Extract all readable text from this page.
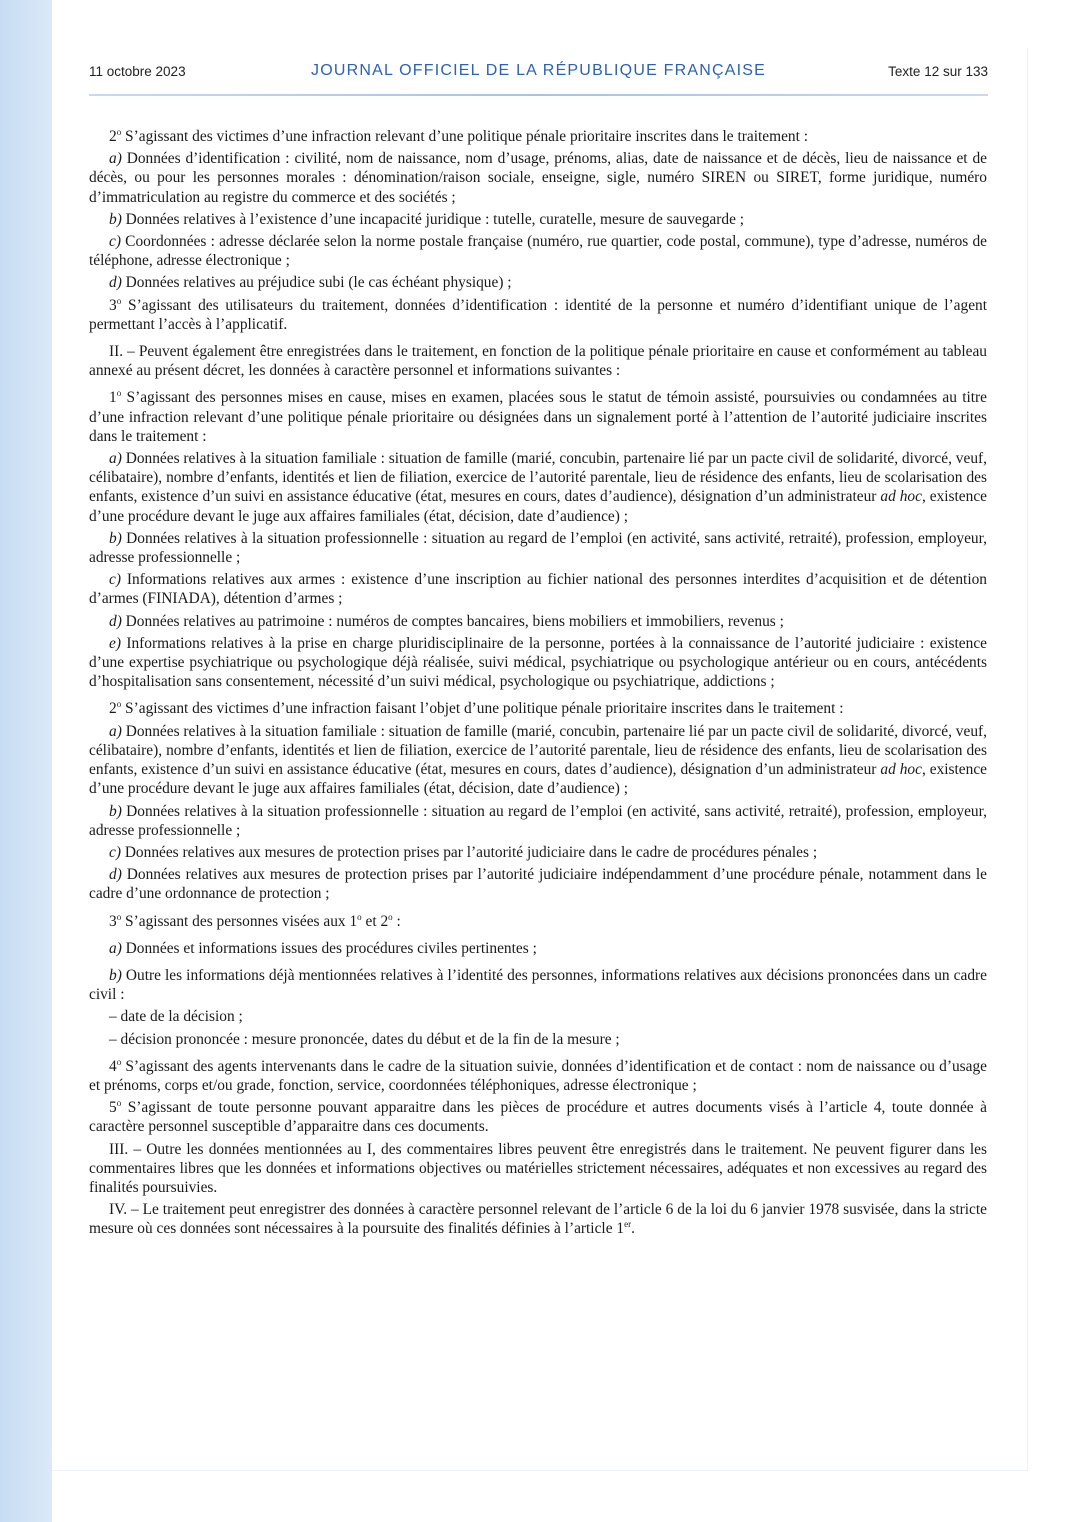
11 octobre 2023	JOURNAL OFFICIEL DE LA RÉPUBLIQUE FRANÇAISE	Texte 12 sur 133

2$^o$ S’agissant des victimes d’une infraction relevant d’une politique pénale prioritaire inscrites dans le traitement :

a) Données d’identification : civilité, nom de naissance, nom d’usage, prénoms, alias, date de naissance et de décès, lieu de naissance et de décès, ou pour les personnes morales : dénomination/raison sociale, enseigne, sigle, numéro SIREN ou SIRET, forme juridique, numéro d’immatriculation au registre du commerce et des sociétés ;

b) Données relatives à l’existence d’une incapacité juridique : tutelle, curatelle, mesure de sauvegarde ;

c) Coordonnées : adresse déclarée selon la norme postale française (numéro, rue quartier, code postal, commune), type d’adresse, numéros de téléphone, adresse électronique ;

d) Données relatives au préjudice subi (le cas échéant physique) ;

3$^o$ S’agissant des utilisateurs du traitement, données d’identification : identité de la personne et numéro d’identifiant unique de l’agent permettant l’accès à l’applicatif.

II. – Peuvent également être enregistrées dans le traitement, en fonction de la politique pénale prioritaire en cause et conformément au tableau annexé au présent décret, les données à caractère personnel et informations suivantes :

1$^o$ S’agissant des personnes mises en cause, mises en examen, placées sous le statut de témoin assisté, poursuivies ou condamnées au titre d’une infraction relevant d’une politique pénale prioritaire ou désignées dans un signalement porté à l’attention de l’autorité judiciaire inscrites dans le traitement :

a) Données relatives à la situation familiale : situation de famille (marié, concubin, partenaire lié par un pacte civil de solidarité, divorcé, veuf, célibataire), nombre d’enfants, identités et lien de filiation, exercice de l’autorité parentale, lieu de résidence des enfants, lieu de scolarisation des enfants, existence d’un suivi en assistance éducative (état, mesures en cours, dates d’audience), désignation d’un administrateur ad hoc, existence d’une procédure devant le juge aux affaires familiales (état, décision, date d’audience) ;

b) Données relatives à la situation professionnelle : situation au regard de l’emploi (en activité, sans activité, retraité), profession, employeur, adresse professionnelle ;

c) Informations relatives aux armes : existence d’une inscription au fichier national des personnes interdites d’acquisition et de détention d’armes (FINIADA), détention d’armes ;

d) Données relatives au patrimoine : numéros de comptes bancaires, biens mobiliers et immobiliers, revenus ;

e) Informations relatives à la prise en charge pluridisciplinaire de la personne, portées à la connaissance de l’autorité judiciaire : existence d’une expertise psychiatrique ou psychologique déjà réalisée, suivi médical, psychiatrique ou psychologique antérieur ou en cours, antécédents d’hospitalisation sans consentement, nécessité d’un suivi médical, psychologique ou psychiatrique, addictions ;

2$^o$ S’agissant des victimes d’une infraction faisant l’objet d’une politique pénale prioritaire inscrites dans le traitement :

a) Données relatives à la situation familiale : situation de famille (marié, concubin, partenaire lié par un pacte civil de solidarité, divorcé, veuf, célibataire), nombre d’enfants, identités et lien de filiation, exercice de l’autorité parentale, lieu de résidence des enfants, lieu de scolarisation des enfants, existence d’un suivi en assistance éducative (état, mesures en cours, dates d’audience), désignation d’un administrateur ad hoc, existence d’une procédure devant le juge aux affaires familiales (état, décision, date d’audience) ;

b) Données relatives à la situation professionnelle : situation au regard de l’emploi (en activité, sans activité, retraité), profession, employeur, adresse professionnelle ;

c) Données relatives aux mesures de protection prises par l’autorité judiciaire dans le cadre de procédures pénales ;

d) Données relatives aux mesures de protection prises par l’autorité judiciaire indépendamment d’une procédure pénale, notamment dans le cadre d’une ordonnance de protection ;

3$^o$ S’agissant des personnes visées aux 1$^o$ et 2$^o$ :

a) Données et informations issues des procédures civiles pertinentes ;

b) Outre les informations déjà mentionnées relatives à l’identité des personnes, informations relatives aux décisions prononcées dans un cadre civil :

– date de la décision ;

– décision prononcée : mesure prononcée, dates du début et de la fin de la mesure ;

4$^o$ S’agissant des agents intervenants dans le cadre de la situation suivie, données d’identification et de contact : nom de naissance ou d’usage et prénoms, corps et/ou grade, fonction, service, coordonnées téléphoniques, adresse électronique ;

5$^o$ S’agissant de toute personne pouvant apparaitre dans les pièces de procédure et autres documents visés à l’article 4, toute donnée à caractère personnel susceptible d’apparaitre dans ces documents.

III. – Outre les données mentionnées au I, des commentaires libres peuvent être enregistrés dans le traitement. Ne peuvent figurer dans les commentaires libres que les données et informations objectives ou matérielles strictement nécessaires, adéquates et non excessives au regard des finalités poursuivies.

IV. – Le traitement peut enregistrer des données à caractère personnel relevant de l’article 6 de la loi du 6 janvier 1978 susvisée, dans la stricte mesure où ces données sont nécessaires à la poursuite des finalités définies à l’article 1er.
